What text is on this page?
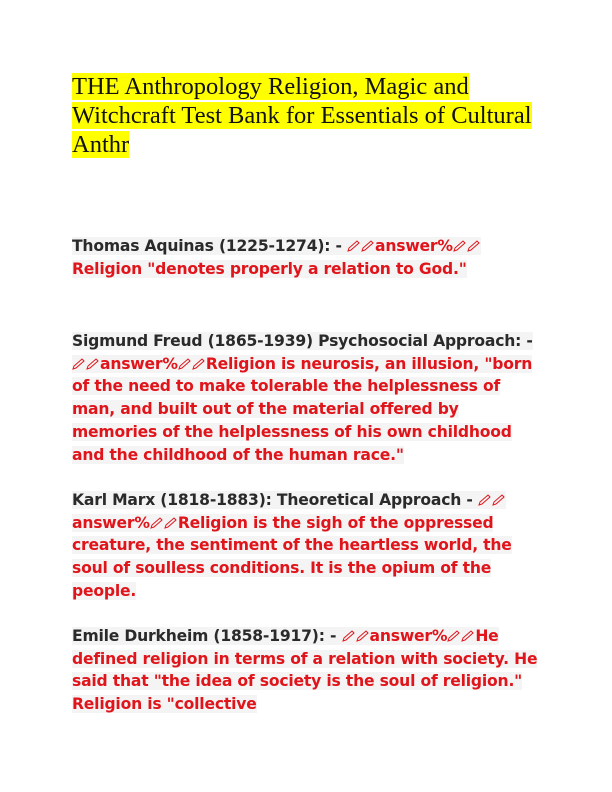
THE Anthropology Religion, Magic and Witchcraft Test Bank for Essentials of Cultural Anthr
Thomas Aquinas (1225-1274): - answer%
Religion "denotes properly a relation to God."
Sigmund Freud (1865-1939) Psychosocial Approach: -
answer% Religion is neurosis, an illusion, "born of the need to make tolerable the helplessness of man, and built out of the material offered by memories of the helplessness of his own childhood and the childhood of the human race."
Karl Marx (1818-1883): Theoretical Approach -
answer% Religion is the sigh of the oppressed creature, the sentiment of the heartless world, the soul of soulless conditions. It is the opium of the people.
Emile Durkheim (1858-1917): - answer% He defined religion in terms of a relation with society. He said that "the idea of society is the soul of religion." Religion is "collective
